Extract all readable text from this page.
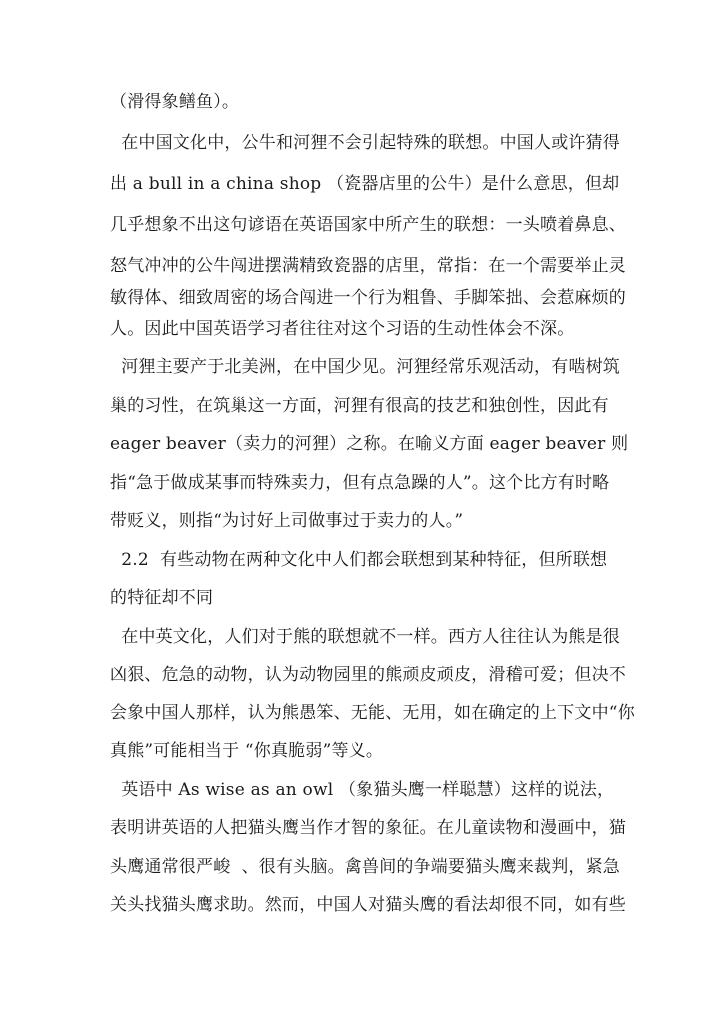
（滑得象鳝鱼）。
在中国文化中，公牛和河狸不会引起特殊的联想。中国人或许猜得
出 a bull in a china shop （瓷器店里的公牛）是什么意思，但却
几乎想象不出这句谚语在英语国家中所产生的联想：一头喷着鼻息、
怒气冲冲的公牛闯进摆满精致瓷器的店里，常指：在一个需要举止灵
敏得体、细致周密的场合闯进一个行为粗鲁、手脚笨拙、会惹麻烦的
人。因此中国英语学习者往往对这个习语的生动性体会不深。
河狸主要产于北美洲，在中国少见。河狸经常乐观活动，有啮树筑
巢的习性，在筑巢这一方面，河狸有很高的技艺和独创性，因此有
eager beaver（卖力的河狸）之称。在喻义方面 eager beaver 则
指“急于做成某事而特殊卖力，但有点急躁的人”。这个比方有时略
带贬义，则指“为讨好上司做事过于卖力的人。”
2.2  有些动物在两种文化中人们都会联想到某种特征，但所联想
的特征却不同
在中英文化，人们对于熊的联想就不一样。西方人往往认为熊是很
凶狠、危急的动物，认为动物园里的熊顽皮顽皮，滑稽可爱；但决不
会象中国人那样，认为熊愚笨、无能、无用，如在确定的上下文中“你
真熊”可能相当于 “你真脆弱”等义。
英语中 As wise as an owl （象猫头鹰一样聪慧）这样的说法，
表明讲英语的人把猫头鹰当作才智的象征。在儿童读物和漫画中，猫
头鹰通常很严峻  、很有头脑。禽兽间的争端要猫头鹰来裁判，紧急
关头找猫头鹰求助。然而，中国人对猫头鹰的看法却很不同，如有些
